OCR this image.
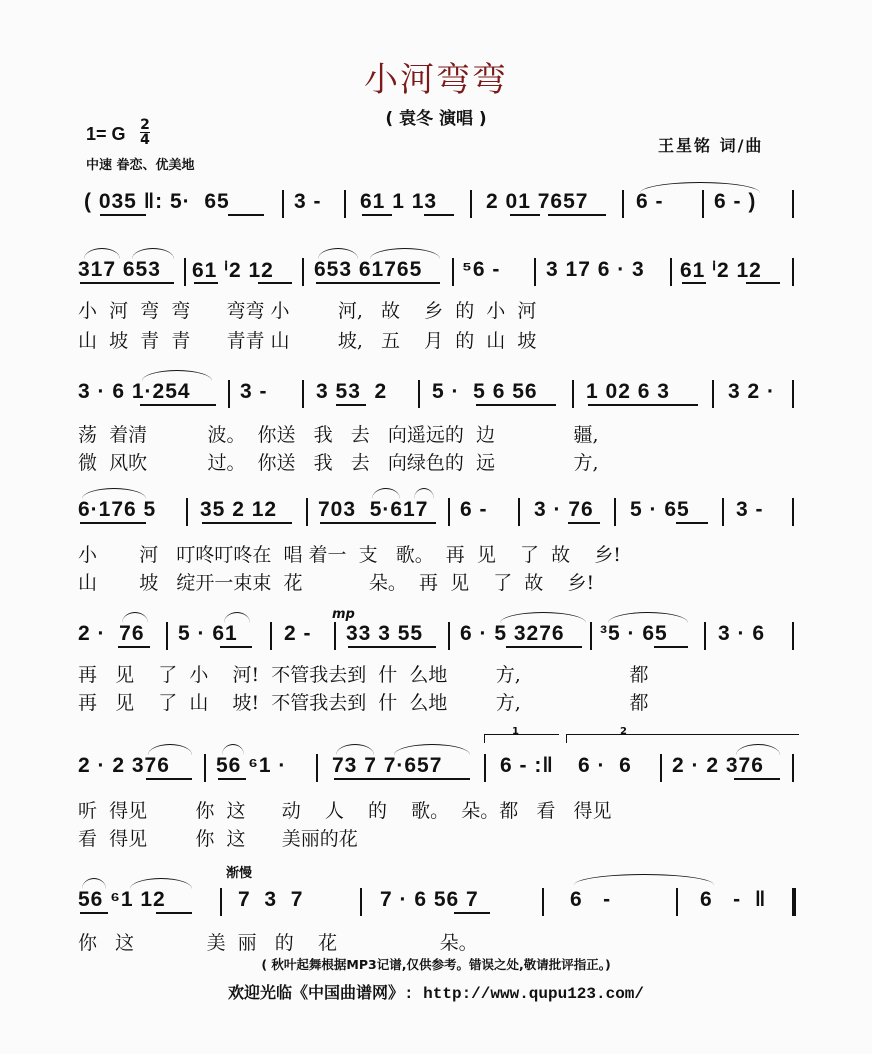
小河弯弯
( 袁冬 演唱 )
1= G 2
4
中速 眷恋、优美地
王星铭 词/曲
( 035 ‖: 5·  65	3 - 61 1 13 2 01 7657 6 - 6 - )
317 653 61 ⁱ2 12 653 61765 ⁵6 - 3 17 6 · 3 61 ⁱ2 12
小  河  弯  弯      弯弯 小        河,   故    乡  的  小  河
山  坡  青  青      青青 山        坡,   五    月  的  山  坡
3 · 6 1·254 3 - 3 53  2 5 ·  5 6 56 1 02 6 3	3 2 ·
荡  着清          波。  你送   我   去   向遥远的  边             疆,
微  风吹          过。  你送   我   去   向绿色的  远             方,
6·176 5 35 2 12 703  5·617 6 - 3 · 76 5 · 65 3 -
小       河   叮咚叮咚在  唱 着一  支   歌。  再  见    了  故    乡!
山       坡   绽开一束束  花           朵。  再  见    了  故    乡!
mp
2 ·  76 5 · 61 2 - 33 3 55 6 · 5 3276 ³5 · 65 3 · 6
再   见    了  小    河!  不管我去到  什  么地        方,                  都
再   见    了  山    坡!  不管我去到  什  么地        方,                  都
1	2
2 · 2 376 56 ⁶1 · 73 7 7·657	6 - :‖ 6 ·  6 2 · 2 376
听  得见        你  这      动    人    的    歌。  朵。都   看   得见
看  得见        你  这      美丽的花
渐慢
56 ⁶1 12	7  3  7	7 · 6 56 7	6   -	6   -  ‖
你   这            美  丽   的    花                 朵。
( 秋叶起舞根据MP3记谱,仅供参考。错误之处,敬请批评指正。)
欢迎光临《中国曲谱网》: http://www.qupu123.com/
